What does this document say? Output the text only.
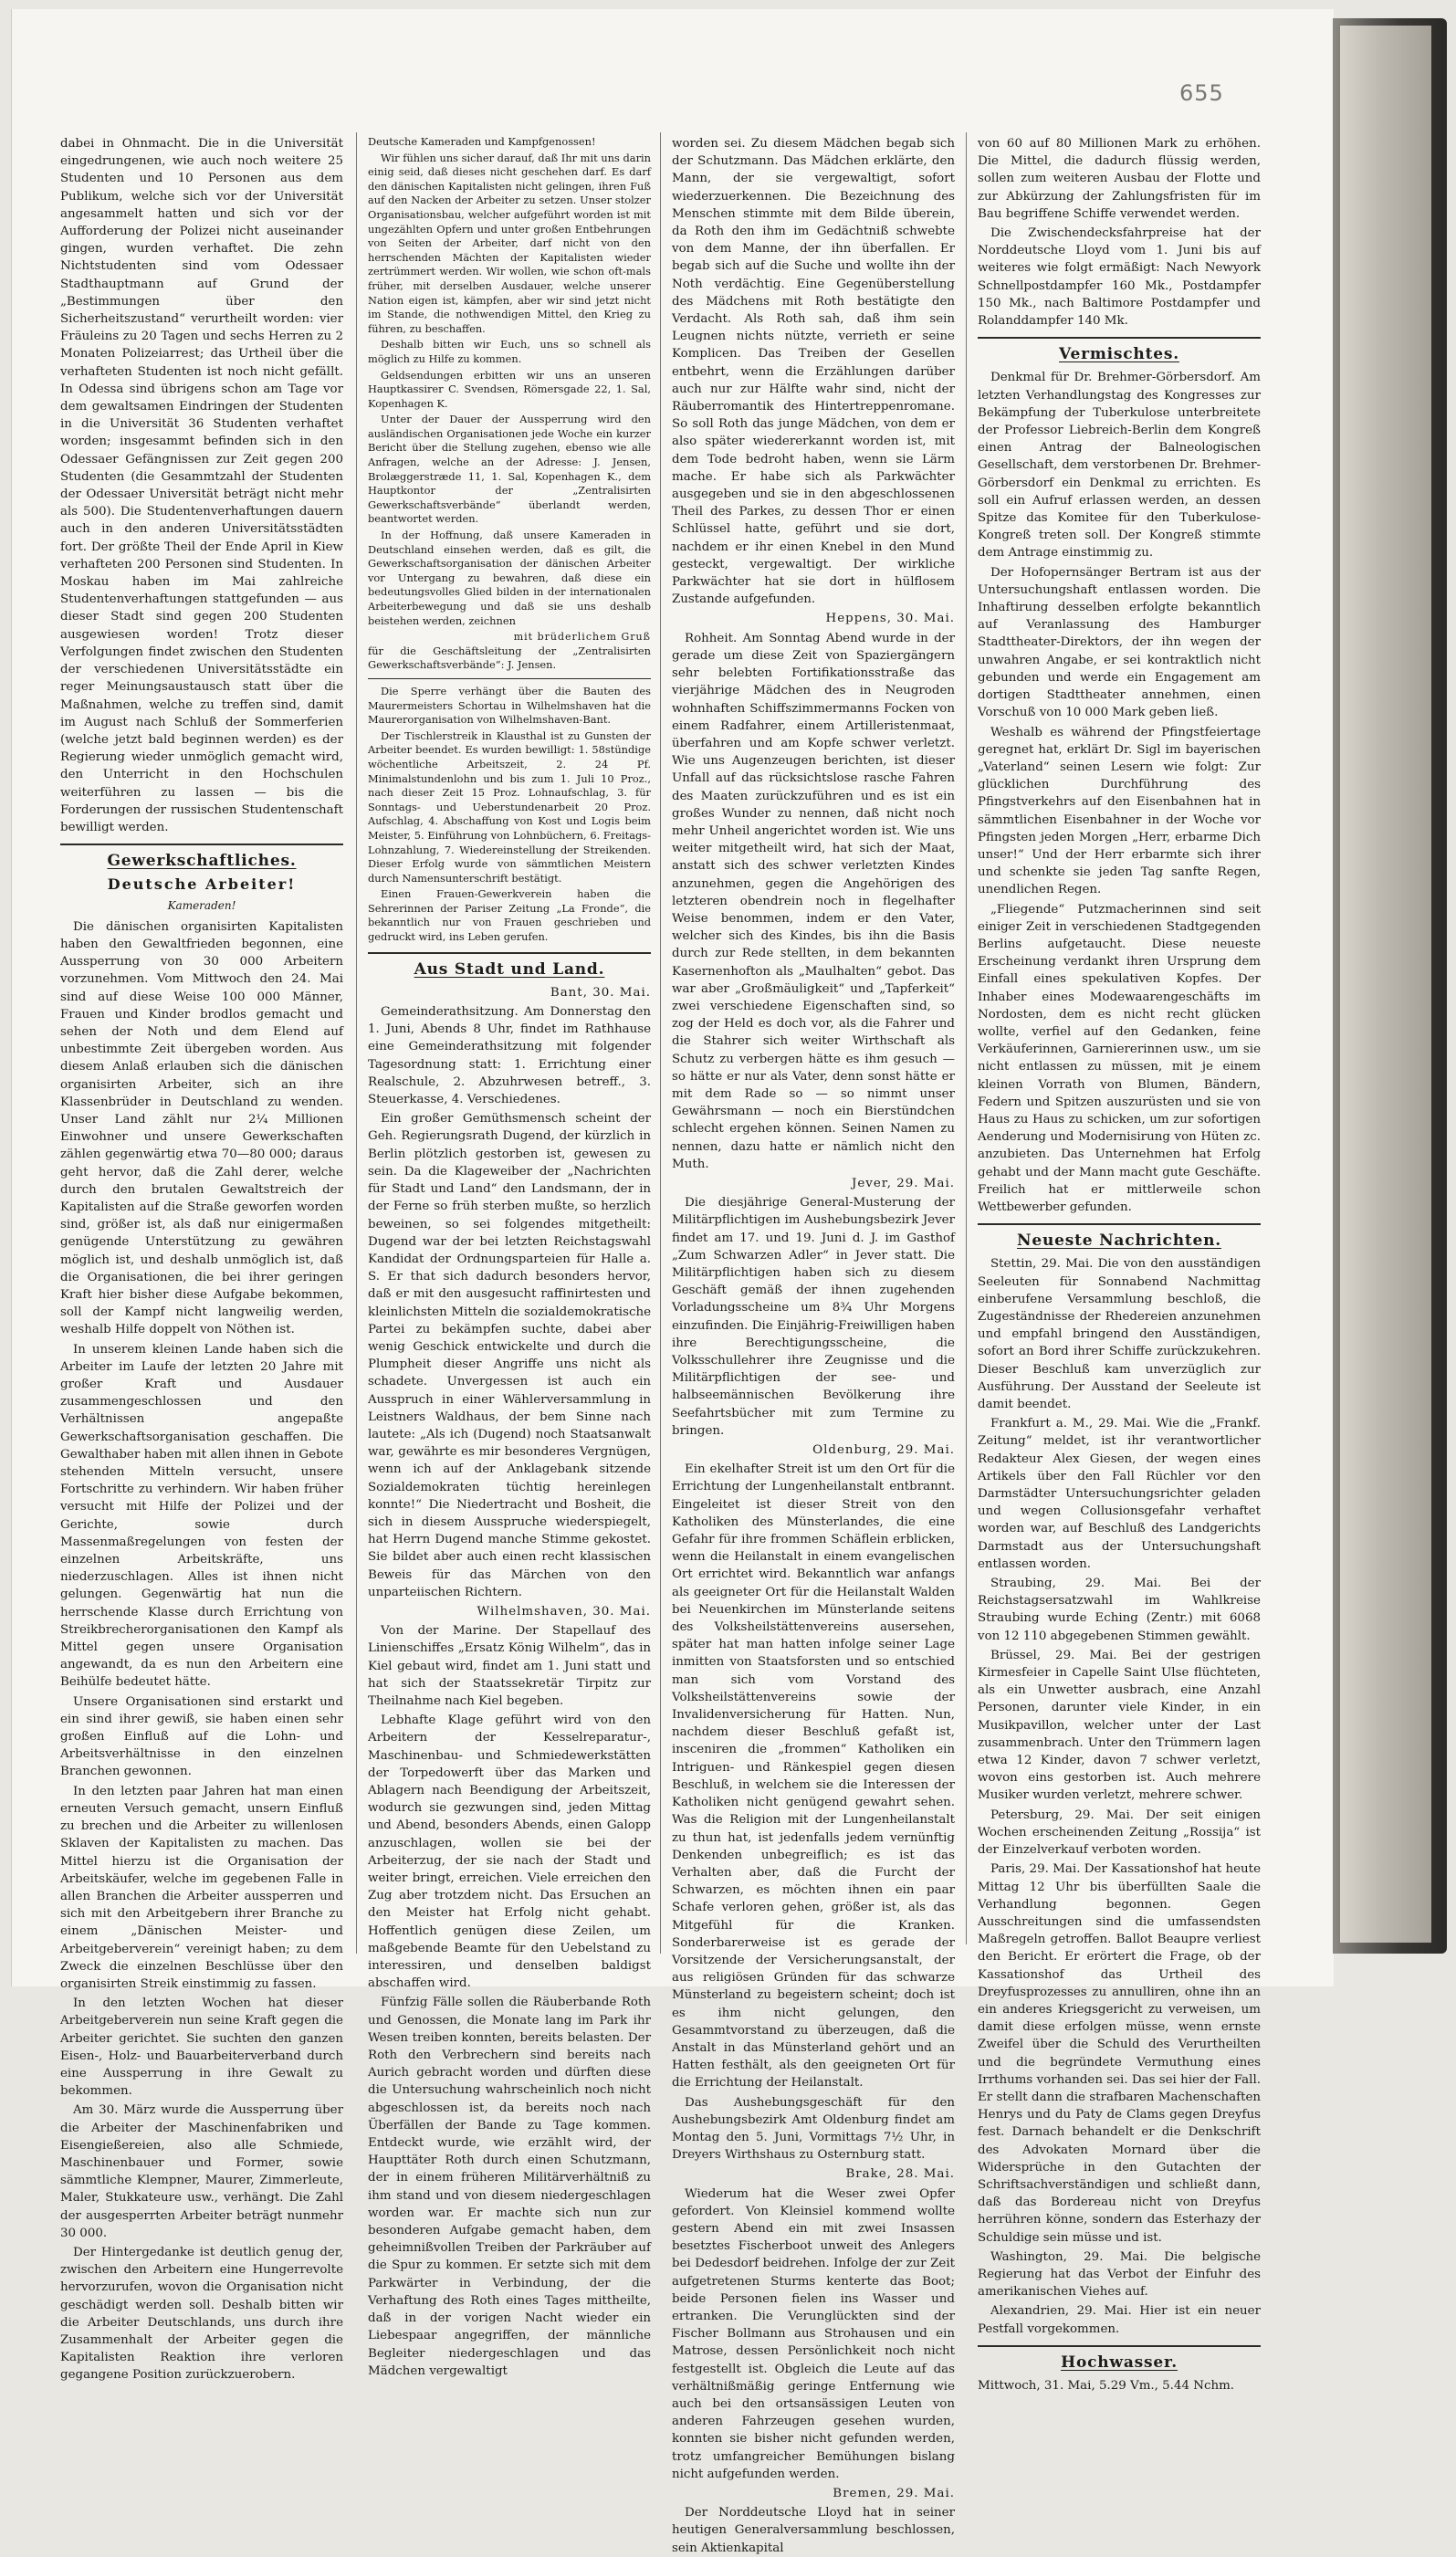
655

dabei in Ohnmacht. Die in die Universität eingedrungenen, wie auch noch weitere 25 Studenten und 10 Personen aus dem Publikum, welche sich vor der Universität angesammelt hatten und sich vor der Aufforderung der Polizei nicht auseinander gingen, wurden verhaftet. Die zehn Nichtstudenten sind vom Odessaer Stadthauptmann auf Grund der „Bestimmungen über den Sicherheitszustand“ verurtheilt worden: vier Fräuleins zu 20 Tagen und sechs Herren zu 2 Monaten Polizeiarrest; das Urtheil über die verhafteten Studenten ist noch nicht gefällt. In Odessa sind übrigens schon am Tage vor dem gewaltsamen Eindringen der Studenten in die Universität 36 Studenten verhaftet worden; insgesammt befinden sich in den Odessaer Gefängnissen zur Zeit gegen 200 Studenten (die Gesammtzahl der Studenten der Odessaer Universität beträgt nicht mehr als 500). Die Studentenverhaftungen dauern auch in den anderen Universitätsstädten fort. Der größte Theil der Ende April in Kiew verhafteten 200 Personen sind Studenten. In Moskau haben im Mai zahlreiche Studentenverhaftungen stattgefunden — aus dieser Stadt sind gegen 200 Studenten ausgewiesen worden! Trotz dieser Verfolgungen findet zwischen den Studenten der verschiedenen Universitätsstädte ein reger Meinungsaustausch statt über die Maßnahmen, welche zu treffen sind, damit im August nach Schluß der Sommerferien (welche jetzt bald beginnen werden) es der Regierung wieder unmöglich gemacht wird, den Unterricht in den Hochschulen weiterführen zu lassen — bis die Forderungen der russischen Studentenschaft bewilligt werden.

Gewerkschaftliches.
Deutsche Arbeiter!
Kameraden!

Die dänischen organisirten Kapitalisten haben den Gewaltfrieden begonnen, eine Aussperrung von 30 000 Arbeitern vorzunehmen. Vom Mittwoch den 24. Mai sind auf diese Weise 100 000 Männer, Frauen und Kinder brodlos gemacht und sehen der Noth und dem Elend auf unbestimmte Zeit übergeben worden. Aus diesem Anlaß erlauben sich die dänischen organisirten Arbeiter, sich an ihre Klassenbrüder in Deutschland zu wenden. Unser Land zählt nur 2¼ Millionen Einwohner und unsere Gewerkschaften zählen gegenwärtig etwa 70—80 000; daraus geht hervor, daß die Zahl derer, welche durch den brutalen Gewaltstreich der Kapitalisten auf die Straße geworfen worden sind, größer ist, als daß nur einigermaßen genügende Unterstützung zu gewähren möglich ist, und deshalb unmöglich ist, daß die Organisationen, die bei ihrer geringen Kraft hier bisher diese Aufgabe bekommen, soll der Kampf nicht langweilig werden, weshalb Hilfe doppelt von Nöthen ist.

In unserem kleinen Lande haben sich die Arbeiter im Laufe der letzten 20 Jahre mit großer Kraft und Ausdauer zusammengeschlossen und den Verhältnissen angepaßte Gewerkschaftsorganisation geschaffen. Die Gewalthaber haben mit allen ihnen in Gebote stehenden Mitteln versucht, unsere Fortschritte zu verhindern. Wir haben früher versucht mit Hilfe der Polizei und der Gerichte, sowie durch Massenmaßregelungen von festen der einzelnen Arbeitskräfte, uns niederzuschlagen. Alles ist ihnen nicht gelungen. Gegenwärtig hat nun die herrschende Klasse durch Errichtung von Streikbrecherorganisationen den Kampf als Mittel gegen unsere Organisation angewandt, da es nun den Arbeitern eine Beihülfe bedeutet hätte.

Unsere Organisationen sind erstarkt und ein sind ihrer gewiß, sie haben einen sehr großen Einfluß auf die Lohn- und Arbeitsverhältnisse in den einzelnen Branchen gewonnen.

In den letzten paar Jahren hat man einen erneuten Versuch gemacht, unsern Einfluß zu brechen und die Arbeiter zu willenlosen Sklaven der Kapitalisten zu machen. Das Mittel hierzu ist die Organisation der Arbeitskäufer, welche im gegebenen Falle in allen Branchen die Arbeiter aussperren und sich mit den Arbeitgebern ihrer Branche zu einem „Dänischen Meister- und Arbeitgeberverein“ vereinigt haben; zu dem Zweck die einzelnen Beschlüsse über den organisirten Streik einstimmig zu fassen.

In den letzten Wochen hat dieser Arbeitgeberverein nun seine Kraft gegen die Arbeiter gerichtet. Sie suchten den ganzen Eisen-, Holz- und Bauarbeiterverband durch eine Aussperrung in ihre Gewalt zu bekommen.

Am 30. März wurde die Aussperrung über die Arbeiter der Maschinenfabriken und Eisengießereien, also alle Schmiede, Maschinenbauer und Former, sowie sämmtliche Klempner, Maurer, Zimmerleute, Maler, Stukkateure usw., verhängt. Die Zahl der ausgesperrten Arbeiter beträgt nunmehr 30 000.

Der Hintergedanke ist deutlich genug der, zwischen den Arbeitern eine Hungerrevolte hervorzurufen, wovon die Organisation nicht geschädigt werden soll. Deshalb bitten wir die Arbeiter Deutschlands, uns durch ihre Zusammenhalt der Arbeiter gegen die Kapitalisten Reaktion ihre verloren gegangene Position zurückzuerobern.

Deutsche Kameraden und Kampfgenossen!

Wir fühlen uns sicher darauf, daß Ihr mit uns darin einig seid, daß dieses nicht geschehen darf. Es darf den dänischen Kapitalisten nicht gelingen, ihren Fuß auf den Nacken der Arbeiter zu setzen. Unser stolzer Organisationsbau, welcher aufgeführt worden ist mit ungezählten Opfern und unter großen Entbehrungen von Seiten der Arbeiter, darf nicht von den herrschenden Mächten der Kapitalisten wieder zertrümmert werden. Wir wollen, wie schon oft-mals früher, mit derselben Ausdauer, welche unserer Nation eigen ist, kämpfen, aber wir sind jetzt nicht im Stande, die nothwendigen Mittel, den Krieg zu führen, zu beschaffen.

Deshalb bitten wir Euch, uns so schnell als möglich zu Hilfe zu kommen.

Geldsendungen erbitten wir uns an unseren Hauptkassirer C. Svendsen, Römersgade 22, 1. Sal, Kopenhagen K.

Unter der Dauer der Aussperrung wird den ausländischen Organisationen jede Woche ein kurzer Bericht über die Stellung zugehen, ebenso wie alle Anfragen, welche an der Adresse: J. Jensen, Brolæggerstræde 11, 1. Sal, Kopenhagen K., dem Hauptkontor der „Zentralisirten Gewerkschaftsverbände“ überlandt werden, beantwortet werden.

In der Hoffnung, daß unsere Kameraden in Deutschland einsehen werden, daß es gilt, die Gewerkschaftsorganisation der dänischen Arbeiter vor Untergang zu bewahren, daß diese ein bedeutungsvolles Glied bilden in der internationalen Arbeiterbewegung und daß sie uns deshalb beistehen werden, zeichnen

mit brüderlichem Gruß

für die Geschäftsleitung der „Zentralisirten Gewerkschaftsverbände“: J. Jensen.

Die Sperre verhängt über die Bauten des Maurermeisters Schortau in Wilhelmshaven hat die Maurerorganisation von Wilhelmshaven-Bant.

Der Tischlerstreik in Klausthal ist zu Gunsten der Arbeiter beendet. Es wurden bewilligt: 1. 58stündige wöchentliche Arbeitszeit, 2. 24 Pf. Minimalstundenlohn und bis zum 1. Juli 10 Proz., nach dieser Zeit 15 Proz. Lohnaufschlag, 3. für Sonntags- und Ueberstundenarbeit 20 Proz. Aufschlag, 4. Abschaffung von Kost und Logis beim Meister, 5. Einführung von Lohnbüchern, 6. Freitags-Lohnzahlung, 7. Wiedereinstellung der Streikenden. Dieser Erfolg wurde von sämmtlichen Meistern durch Namensunterschrift bestätigt.

Einen Frauen-Gewerkverein haben die Sehrerinnen der Pariser Zeitung „La Fronde“, die bekanntlich nur von Frauen geschrieben und gedruckt wird, ins Leben gerufen.

Aus Stadt und Land.
Bant, 30. Mai.

Gemeinderathsitzung. Am Donnerstag den 1. Juni, Abends 8 Uhr, findet im Rathhause eine Gemeinderathsitzung mit folgender Tagesordnung statt: 1. Errichtung einer Realschule, 2. Abzuhrwesen betreff., 3. Steuerkasse, 4. Verschiedenes.

Ein großer Gemüthsmensch scheint der Geh. Regierungsrath Dugend, der kürzlich in Berlin plötzlich gestorben ist, gewesen zu sein. Da die Klageweiber der „Nachrichten für Stadt und Land“ den Landsmann, der in der Ferne so früh sterben mußte, so herzlich beweinen, so sei folgendes mitgetheilt: Dugend war der bei letzten Reichstagswahl Kandidat der Ordnungsparteien für Halle a. S. Er that sich dadurch besonders hervor, daß er mit den ausgesucht raffinirtesten und kleinlichsten Mitteln die sozialdemokratische Partei zu bekämpfen suchte, dabei aber wenig Geschick entwickelte und durch die Plumpheit dieser Angriffe uns nicht als schadete. Unvergessen ist auch ein Ausspruch in einer Wählerversammlung in Leistners Waldhaus, der bem Sinne nach lautete: „Als ich (Dugend) noch Staatsanwalt war, gewährte es mir besonderes Vergnügen, wenn ich auf der Anklagebank sitzende Sozialdemokraten tüchtig hereinlegen konnte!“ Die Niedertracht und Bosheit, die sich in diesem Ausspruche wiederspiegelt, hat Herrn Dugend manche Stimme gekostet. Sie bildet aber auch einen recht klassischen Beweis für das Märchen von den unparteiischen Richtern.

Wilhelmshaven, 30. Mai.

Von der Marine. Der Stapellauf des Linienschiffes „Ersatz König Wilhelm“, das in Kiel gebaut wird, findet am 1. Juni statt und hat sich der Staatssekretär Tirpitz zur Theilnahme nach Kiel begeben.

Lebhafte Klage geführt wird von den Arbeitern der Kesselreparatur-, Maschinenbau- und Schmiedewerkstätten der Torpedowerft über das Marken und Ablagern nach Beendigung der Arbeitszeit, wodurch sie gezwungen sind, jeden Mittag und Abend, besonders Abends, einen Galopp anzuschlagen, wollen sie bei der Arbeiterzug, der sie nach der Stadt und weiter bringt, erreichen. Viele erreichen den Zug aber trotzdem nicht. Das Ersuchen an den Meister hat Erfolg nicht gehabt. Hoffentlich genügen diese Zeilen, um maßgebende Beamte für den Uebelstand zu interessiren, und denselben baldigst abschaffen wird.

Fünfzig Fälle sollen die Räuberbande Roth und Genossen, die Monate lang im Park ihr Wesen treiben konnten, bereits belasten. Der Roth den Verbrechern sind bereits nach Aurich gebracht worden und dürften diese die Untersuchung wahrscheinlich noch nicht abgeschlossen ist, da bereits noch nach Überfällen der Bande zu Tage kommen. Entdeckt wurde, wie erzählt wird, der Haupttäter Roth durch einen Schutzmann, der in einem früheren Militärverhältniß zu ihm stand und von diesem niedergeschlagen worden war. Er machte sich nun zur besonderen Aufgabe gemacht haben, dem geheimnißvollen Treiben der Parkräuber auf die Spur zu kommen. Er setzte sich mit dem Parkwärter in Verbindung, der die Verhaftung des Roth eines Tages mittheilte, daß in der vorigen Nacht wieder ein Liebespaar angegriffen, der männliche Begleiter niedergeschlagen und das Mädchen vergewaltigt

worden sei. Zu diesem Mädchen begab sich der Schutzmann. Das Mädchen erklärte, den Mann, der sie vergewaltigt, sofort wiederzuerkennen. Die Bezeichnung des Menschen stimmte mit dem Bilde überein, da Roth den ihm im Gedächtniß schwebte von dem Manne, der ihn überfallen. Er begab sich auf die Suche und wollte ihn der Noth verdächtig. Eine Gegenüberstellung des Mädchens mit Roth bestätigte den Verdacht. Als Roth sah, daß ihm sein Leugnen nichts nützte, verrieth er seine Komplicen. Das Treiben der Gesellen entbehrt, wenn die Erzählungen darüber auch nur zur Hälfte wahr sind, nicht der Räuberromantik des Hintertreppenromane. So soll Roth das junge Mädchen, von dem er also später wiedererkannt worden ist, mit dem Tode bedroht haben, wenn sie Lärm mache. Er habe sich als Parkwächter ausgegeben und sie in den abgeschlossenen Theil des Parkes, zu dessen Thor er einen Schlüssel hatte, geführt und sie dort, nachdem er ihr einen Knebel in den Mund gesteckt, vergewaltigt. Der wirkliche Parkwächter hat sie dort in hülflosem Zustande aufgefunden.

Heppens, 30. Mai.

Rohheit. Am Sonntag Abend wurde in der gerade um diese Zeit von Spaziergängern sehr belebten Fortifikationsstraße das vierjährige Mädchen des in Neugroden wohnhaften Schiffszimmermanns Focken von einem Radfahrer, einem Artilleristenmaat, überfahren und am Kopfe schwer verletzt. Wie uns Augenzeugen berichten, ist dieser Unfall auf das rücksichtslose rasche Fahren des Maaten zurückzuführen und es ist ein großes Wunder zu nennen, daß nicht noch mehr Unheil angerichtet worden ist. Wie uns weiter mitgetheilt wird, hat sich der Maat, anstatt sich des schwer verletzten Kindes anzunehmen, gegen die Angehörigen des letzteren obendrein noch in flegelhafter Weise benommen, indem er den Vater, welcher sich des Kindes, bis ihn die Basis durch zur Rede stellten, in dem bekannten Kasernenhofton als „Maulhalten“ gebot. Das war aber „Großmäuligkeit“ und „Tapferkeit“ zwei verschiedene Eigenschaften sind, so zog der Held es doch vor, als die Fahrer und die Stahrer sich weiter Wirthschaft als Schutz zu verbergen hätte es ihm gesuch — so hätte er nur als Vater, denn sonst hätte er mit dem Rade so — so nimmt unser Gewährsmann — noch ein Bierstündchen schlecht ergehen können. Seinen Namen zu nennen, dazu hatte er nämlich nicht den Muth.

Jever, 29. Mai.

Die diesjährige General-Musterung der Militärpflichtigen im Aushebungsbezirk Jever findet am 17. und 19. Juni d. J. im Gasthof „Zum Schwarzen Adler“ in Jever statt. Die Militärpflichtigen haben sich zu diesem Geschäft gemäß der ihnen zugehenden Vorladungsscheine um 8¾ Uhr Morgens einzufinden. Die Einjährig-Freiwilligen haben ihre Berechtigungsscheine, die Volksschullehrer ihre Zeugnisse und die Militärpflichtigen der see- und halbseemännischen Bevölkerung ihre Seefahrtsbücher mit zum Termine zu bringen.

Oldenburg, 29. Mai.

Ein ekelhafter Streit ist um den Ort für die Errichtung der Lungenheilanstalt entbrannt. Eingeleitet ist dieser Streit von den Katholiken des Münsterlandes, die eine Gefahr für ihre frommen Schäflein erblicken, wenn die Heilanstalt in einem evangelischen Ort errichtet wird. Bekanntlich war anfangs als geeigneter Ort für die Heilanstalt Walden bei Neuenkirchen im Münsterlande seitens des Volksheilstättenvereins ausersehen, später hat man hatten infolge seiner Lage inmitten von Staatsforsten und so entschied man sich vom Vorstand des Volksheilstättenvereins sowie der Invalidenversicherung für Hatten. Nun, nachdem dieser Beschluß gefaßt ist, insceniren die „frommen“ Katholiken ein Intriguen- und Ränkespiel gegen diesen Beschluß, in welchem sie die Interessen der Katholiken nicht genügend gewahrt sehen. Was die Religion mit der Lungenheilanstalt zu thun hat, ist jedenfalls jedem vernünftig Denkenden unbegreiflich; es ist das Verhalten aber, daß die Furcht der Schwarzen, es möchten ihnen ein paar Schafe verloren gehen, größer ist, als das Mitgefühl für die Kranken. Sonderbarerweise ist es gerade der Vorsitzende der Versicherungsanstalt, der aus religiösen Gründen für das schwarze Münsterland zu begeistern scheint; doch ist es ihm nicht gelungen, den Gesammtvorstand zu überzeugen, daß die Anstalt in das Münsterland gehört und an Hatten festhält, als den geeigneten Ort für die Errichtung der Heilanstalt.

Das Aushebungsgeschäft für den Aushebungsbezirk Amt Oldenburg findet am Montag den 5. Juni, Vormittags 7½ Uhr, in Dreyers Wirthshaus zu Osternburg statt.

Brake, 28. Mai.

Wiederum hat die Weser zwei Opfer gefordert. Von Kleinsiel kommend wollte gestern Abend ein mit zwei Insassen besetztes Fischerboot unweit des Anlegers bei Dedesdorf beidrehen. Infolge der zur Zeit aufgetretenen Sturms kenterte das Boot; beide Personen fielen ins Wasser und ertranken. Die Verunglückten sind der Fischer Bollmann aus Strohausen und ein Matrose, dessen Persönlichkeit noch nicht festgestellt ist. Obgleich die Leute auf das verhältnißmäßig geringe Entfernung wie auch bei den ortsansässigen Leuten von anderen Fahrzeugen gesehen wurden, konnten sie bisher nicht gefunden werden, trotz umfangreicher Bemühungen bislang nicht aufgefunden werden.

Bremen, 29. Mai.

Der Norddeutsche Lloyd hat in seiner heutigen Generalversammlung beschlossen, sein Aktienkapital

von 60 auf 80 Millionen Mark zu erhöhen. Die Mittel, die dadurch flüssig werden, sollen zum weiteren Ausbau der Flotte und zur Abkürzung der Zahlungsfristen für im Bau begriffene Schiffe verwendet werden.

Die Zwischendecksfahrpreise hat der Norddeutsche Lloyd vom 1. Juni bis auf weiteres wie folgt ermäßigt: Nach Newyork Schnellpostdampfer 160 Mk., Postdampfer 150 Mk., nach Baltimore Postdampfer und Rolanddampfer 140 Mk.

Vermischtes.

Denkmal für Dr. Brehmer-Görbersdorf. Am letzten Verhandlungstag des Kongresses zur Bekämpfung der Tuberkulose unterbreitete der Professor Liebreich-Berlin dem Kongreß einen Antrag der Balneologischen Gesellschaft, dem verstorbenen Dr. Brehmer-Görbersdorf ein Denkmal zu errichten. Es soll ein Aufruf erlassen werden, an dessen Spitze das Komitee für den Tuberkulose-Kongreß treten soll. Der Kongreß stimmte dem Antrage einstimmig zu.

Der Hofopernsänger Bertram ist aus der Untersuchungshaft entlassen worden. Die Inhaftirung desselben erfolgte bekanntlich auf Veranlassung des Hamburger Stadttheater-Direktors, der ihn wegen der unwahren Angabe, er sei kontraktlich nicht gebunden und werde ein Engagement am dortigen Stadttheater annehmen, einen Vorschuß von 10 000 Mark geben ließ.

Weshalb es während der Pfingstfeiertage geregnet hat, erklärt Dr. Sigl im bayerischen „Vaterland“ seinen Lesern wie folgt: Zur glücklichen Durchführung des Pfingstverkehrs auf den Eisenbahnen hat in sämmtlichen Eisenbahner in der Woche vor Pfingsten jeden Morgen „Herr, erbarme Dich unser!“ Und der Herr erbarmte sich ihrer und schenkte sie jeden Tag sanfte Regen, unendlichen Regen.

„Fliegende“ Putzmacherinnen sind seit einiger Zeit in verschiedenen Stadtgegenden Berlins aufgetaucht. Diese neueste Erscheinung verdankt ihren Ursprung dem Einfall eines spekulativen Kopfes. Der Inhaber eines Modewaarengeschäfts im Nordosten, dem es nicht recht glücken wollte, verfiel auf den Gedanken, feine Verkäuferinnen, Garniererinnen usw., um sie nicht entlassen zu müssen, mit je einem kleinen Vorrath von Blumen, Bändern, Federn und Spitzen auszurüsten und sie von Haus zu Haus zu schicken, um zur sofortigen Aenderung und Modernisirung von Hüten zc. anzubieten. Das Unternehmen hat Erfolg gehabt und der Mann macht gute Geschäfte. Freilich hat er mittlerweile schon Wettbewerber gefunden.

Neueste Nachrichten.

Stettin, 29. Mai. Die von den ausständigen Seeleuten für Sonnabend Nachmittag einberufene Versammlung beschloß, die Zugeständnisse der Rhedereien anzunehmen und empfahl bringend den Ausständigen, sofort an Bord ihrer Schiffe zurückzukehren. Dieser Beschluß kam unverzüglich zur Ausführung. Der Ausstand der Seeleute ist damit beendet.

Frankfurt a. M., 29. Mai. Wie die „Frankf. Zeitung“ meldet, ist ihr verantwortlicher Redakteur Alex Giesen, der wegen eines Artikels über den Fall Rüchler vor den Darmstädter Untersuchungsrichter geladen und wegen Collusionsgefahr verhaftet worden war, auf Beschluß des Landgerichts Darmstadt aus der Untersuchungshaft entlassen worden.

Straubing, 29. Mai. Bei der Reichstagsersatzwahl im Wahlkreise Straubing wurde Eching (Zentr.) mit 6068 von 12 110 abgegebenen Stimmen gewählt.

Brüssel, 29. Mai. Bei der gestrigen Kirmesfeier in Capelle Saint Ulse flüchteten, als ein Unwetter ausbrach, eine Anzahl Personen, darunter viele Kinder, in ein Musikpavillon, welcher unter der Last zusammenbrach. Unter den Trümmern lagen etwa 12 Kinder, davon 7 schwer verletzt, wovon eins gestorben ist. Auch mehrere Musiker wurden verletzt, mehrere schwer.

Petersburg, 29. Mai. Der seit einigen Wochen erscheinenden Zeitung „Rossija“ ist der Einzelverkauf verboten worden.

Paris, 29. Mai. Der Kassationshof hat heute Mittag 12 Uhr bis überfüllten Saale die Verhandlung begonnen. Gegen Ausschreitungen sind die umfassendsten Maßregeln getroffen. Ballot Beaupre verliest den Bericht. Er erörtert die Frage, ob der Kassationshof das Urtheil des Dreyfusprozesses zu annulliren, ohne ihn an ein anderes Kriegsgericht zu verweisen, um damit diese erfolgen müsse, wenn ernste Zweifel über die Schuld des Verurtheilten und die begründete Vermuthung eines Irrthums vorhanden sei. Das sei hier der Fall. Er stellt dann die strafbaren Machenschaften Henrys und du Paty de Clams gegen Dreyfus fest. Darnach behandelt er die Denkschrift des Advokaten Mornard über die Widersprüche in den Gutachten der Schriftsachverständigen und schließt dann, daß das Bordereau nicht von Dreyfus herrühren könne, sondern das Esterhazy der Schuldige sein müsse und ist.

Washington, 29. Mai. Die belgische Regierung hat das Verbot der Einfuhr des amerikanischen Viehes auf.

Alexandrien, 29. Mai. Hier ist ein neuer Pestfall vorgekommen.

Hochwasser.

Mittwoch, 31. Mai, 5.29 Vm., 5.44 Nchm.
